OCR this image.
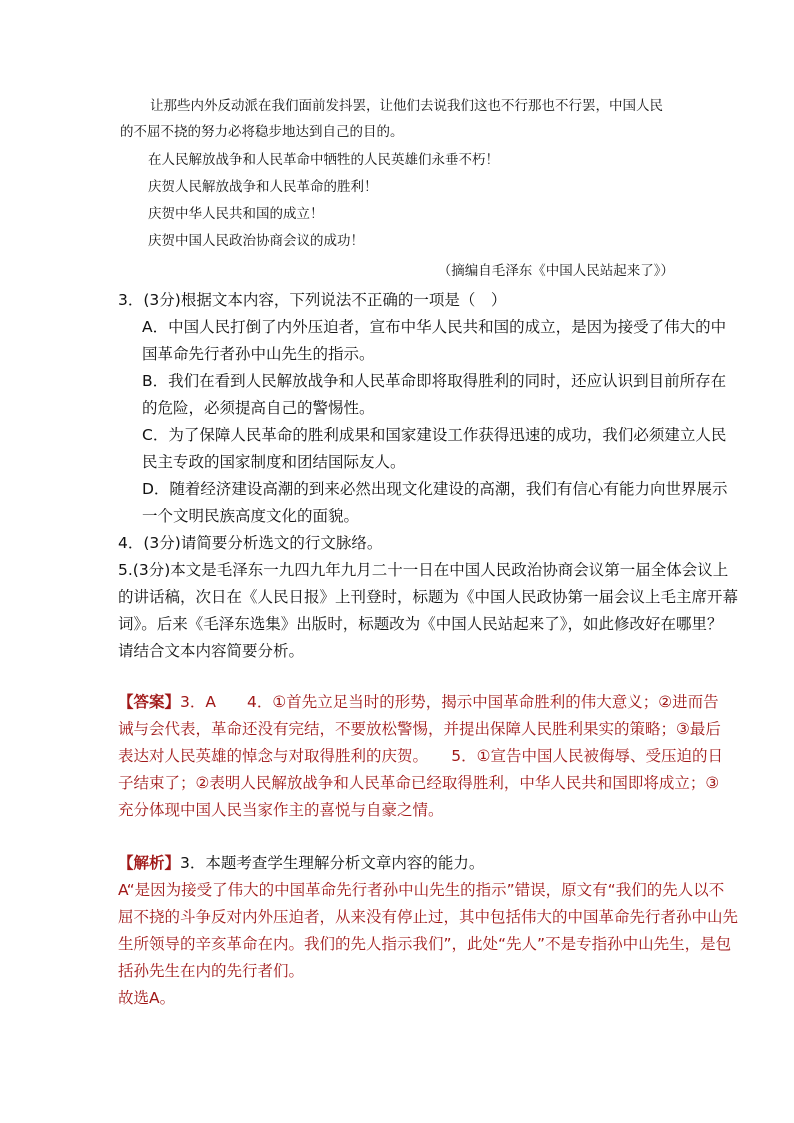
让那些内外反动派在我们面前发抖罢，让他们去说我们这也不行那也不行罢，中国人民
的不屈不挠的努力必将稳步地达到自己的目的。
在人民解放战争和人民革命中牺牲的人民英雄们永垂不朽！
庆贺人民解放战争和人民革命的胜利！
庆贺中华人民共和国的成立！
庆贺中国人民政治协商会议的成功！
（摘编自毛泽东《中国人民站起来了》）
3．(3分)根据文本内容，下列说法不正确的一项是（　）
A．中国人民打倒了内外压迫者，宣布中华人民共和国的成立，是因为接受了伟大的中
国革命先行者孙中山先生的指示。
B．我们在看到人民解放战争和人民革命即将取得胜利的同时，还应认识到目前所存在
的危险，必须提高自己的警惕性。
C．为了保障人民革命的胜利成果和国家建设工作获得迅速的成功，我们必须建立人民
民主专政的国家制度和团结国际友人。
D．随着经济建设高潮的到来必然出现文化建设的高潮，我们有信心有能力向世界展示
一个文明民族高度文化的面貌。
4．(3分)请简要分析选文的行文脉络。
5.(3分)本文是毛泽东一九四九年九月二十一日在中国人民政治协商会议第一届全体会议上
的讲话稿，次日在《人民日报》上刊登时，标题为《中国人民政协第一届会议上毛主席开幕
词》。后来《毛泽东选集》出版时，标题改为《中国人民站起来了》，如此修改好在哪里？
请结合文本内容简要分析。
【答案】3．A　　4．①首先立足当时的形势，揭示中国革命胜利的伟大意义；②进而告
诫与会代表，革命还没有完结，不要放松警惕，并提出保障人民胜利果实的策略；③最后
表达对人民英雄的悼念与对取得胜利的庆贺。　　5．①宣告中国人民被侮辱、受压迫的日
子结束了；②表明人民解放战争和人民革命已经取得胜利，中华人民共和国即将成立；③
充分体现中国人民当家作主的喜悦与自豪之情。
【解析】3．本题考查学生理解分析文章内容的能力。
A“是因为接受了伟大的中国革命先行者孙中山先生的指示”错误，原文有“我们的先人以不
屈不挠的斗争反对内外压迫者，从来没有停止过，其中包括伟大的中国革命先行者孙中山先
生所领导的辛亥革命在内。我们的先人指示我们”，此处“先人”不是专指孙中山先生，是包
括孙先生在内的先行者们。
故选A。
